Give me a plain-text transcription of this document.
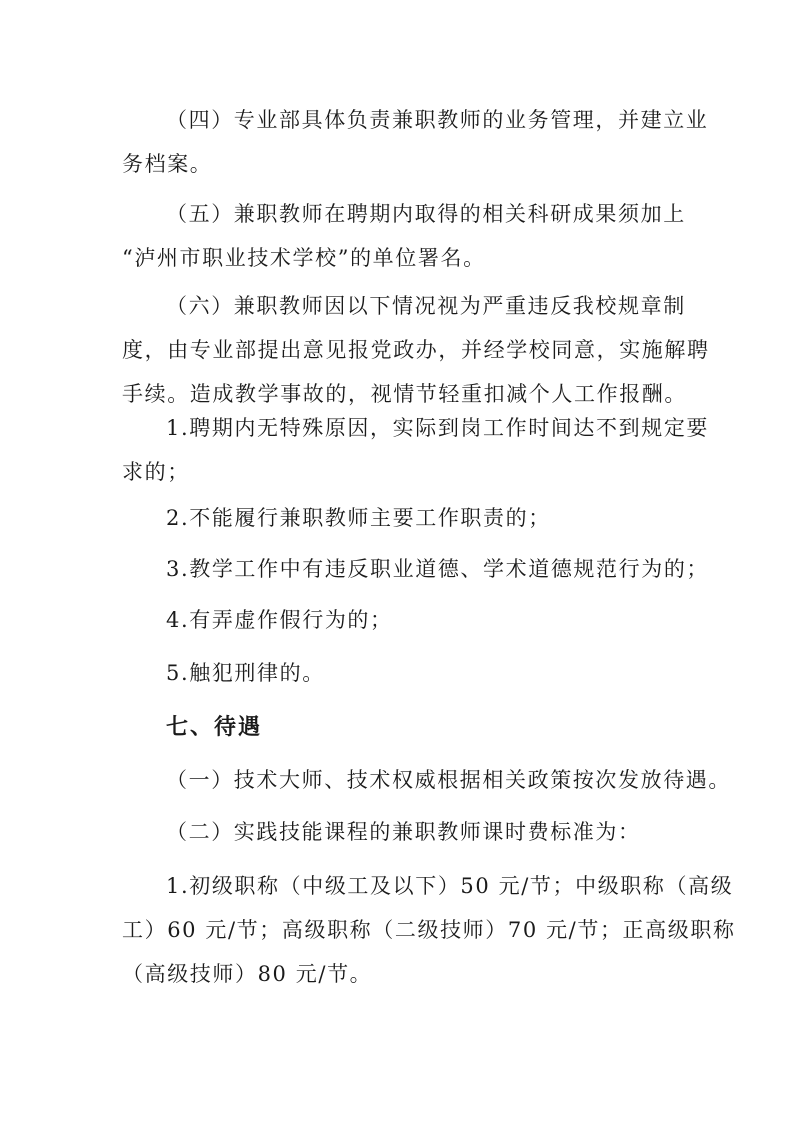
（四）专业部具体负责兼职教师的业务管理，并建立业
务档案。

（五）兼职教师在聘期内取得的相关科研成果须加上
“泸州市职业技术学校”的单位署名。

（六）兼职教师因以下情况视为严重违反我校规章制
度，由专业部提出意见报党政办，并经学校同意，实施解聘
手续。造成教学事故的，视情节轻重扣减个人工作报酬。

1.聘期内无特殊原因，实际到岗工作时间达不到规定要
求的；

2.不能履行兼职教师主要工作职责的；

3.教学工作中有违反职业道德、学术道德规范行为的；

4.有弄虚作假行为的；

5.触犯刑律的。

七、待遇

（一）技术大师、技术权威根据相关政策按次发放待遇。

（二）实践技能课程的兼职教师课时费标准为：

1.初级职称（中级工及以下）50 元/节；中级职称（高级
工）60 元/节；高级职称（二级技师）70 元/节；正高级职称
（高级技师）80 元/节。
